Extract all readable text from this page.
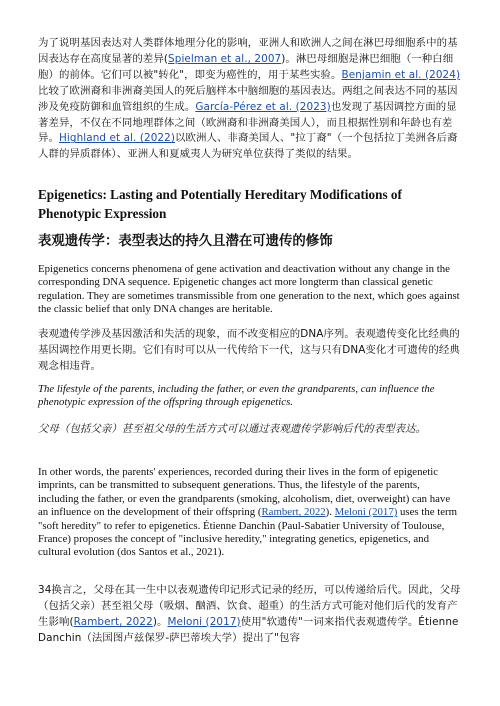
为了说明基因表达对人类群体地理分化的影响，亚洲人和欧洲人之间在淋巴母细胞系中的基因表达存在高度显著的差异(Spielman et al., 2007)。淋巴母细胞是淋巴细胞（一种白细胞）的前体。它们可以被"转化"，即变为癌性的，用于某些实验。Benjamin et al. (2024)比较了欧洲裔和非洲裔美国人的死后脑样本中脑细胞的基因表达。两组之间表达不同的基因涉及免疫防御和血管组织的生成。García-Pérez et al. (2023)也发现了基因调控方面的显著差异，不仅在不同地理群体之间（欧洲裔和非洲裔美国人），而且根据性别和年龄也有差异。Highland et al. (2022)以欧洲人、非裔美国人、"拉丁裔"（一个包括拉丁美洲各后裔人群的异质群体）、亚洲人和夏威夷人为研究单位获得了类似的结果。
Epigenetics: Lasting and Potentially Hereditary Modifications of Phenotypic Expression
表观遗传学：表型表达的持久且潜在可遗传的修饰
Epigenetics concerns phenomena of gene activation and deactivation without any change in the corresponding DNA sequence. Epigenetic changes act more longterm than classical genetic regulation. They are sometimes transmissible from one generation to the next, which goes against the classic belief that only DNA changes are heritable.
表观遗传学涉及基因激活和失活的现象，而不改变相应的DNA序列。表观遗传变化比经典的基因调控作用更长期。它们有时可以从一代传给下一代，这与只有DNA变化才可遗传的经典观念相违背。
The lifestyle of the parents, including the father, or even the grandparents, can influence the phenotypic expression of the offspring through epigenetics.
父母（包括父亲）甚至祖父母的生活方式可以通过表观遗传学影响后代的表型表达。
In other words, the parents' experiences, recorded during their lives in the form of epigenetic imprints, can be transmitted to subsequent generations. Thus, the lifestyle of the parents, including the father, or even the grandparents (smoking, alcoholism, diet, overweight) can have an influence on the development of their offspring (Rambert, 2022). Meloni (2017) uses the term "soft heredity" to refer to epigenetics. Étienne Danchin (Paul-Sabatier University of Toulouse, France) proposes the concept of "inclusive heredity," integrating genetics, epigenetics, and cultural evolution (dos Santos et al., 2021).
34换言之，父母在其一生中以表观遗传印记形式记录的经历，可以传递给后代。因此，父母（包括父亲）甚至祖父母（吸烟、酗酒、饮食、超重）的生活方式可能对他们后代的发育产生影响(Rambert, 2022)。Meloni (2017)使用"软遗传"一词来指代表观遗传学。Étienne Danchin（法国图卢兹保罗-萨巴蒂埃大学）提出了"包容
